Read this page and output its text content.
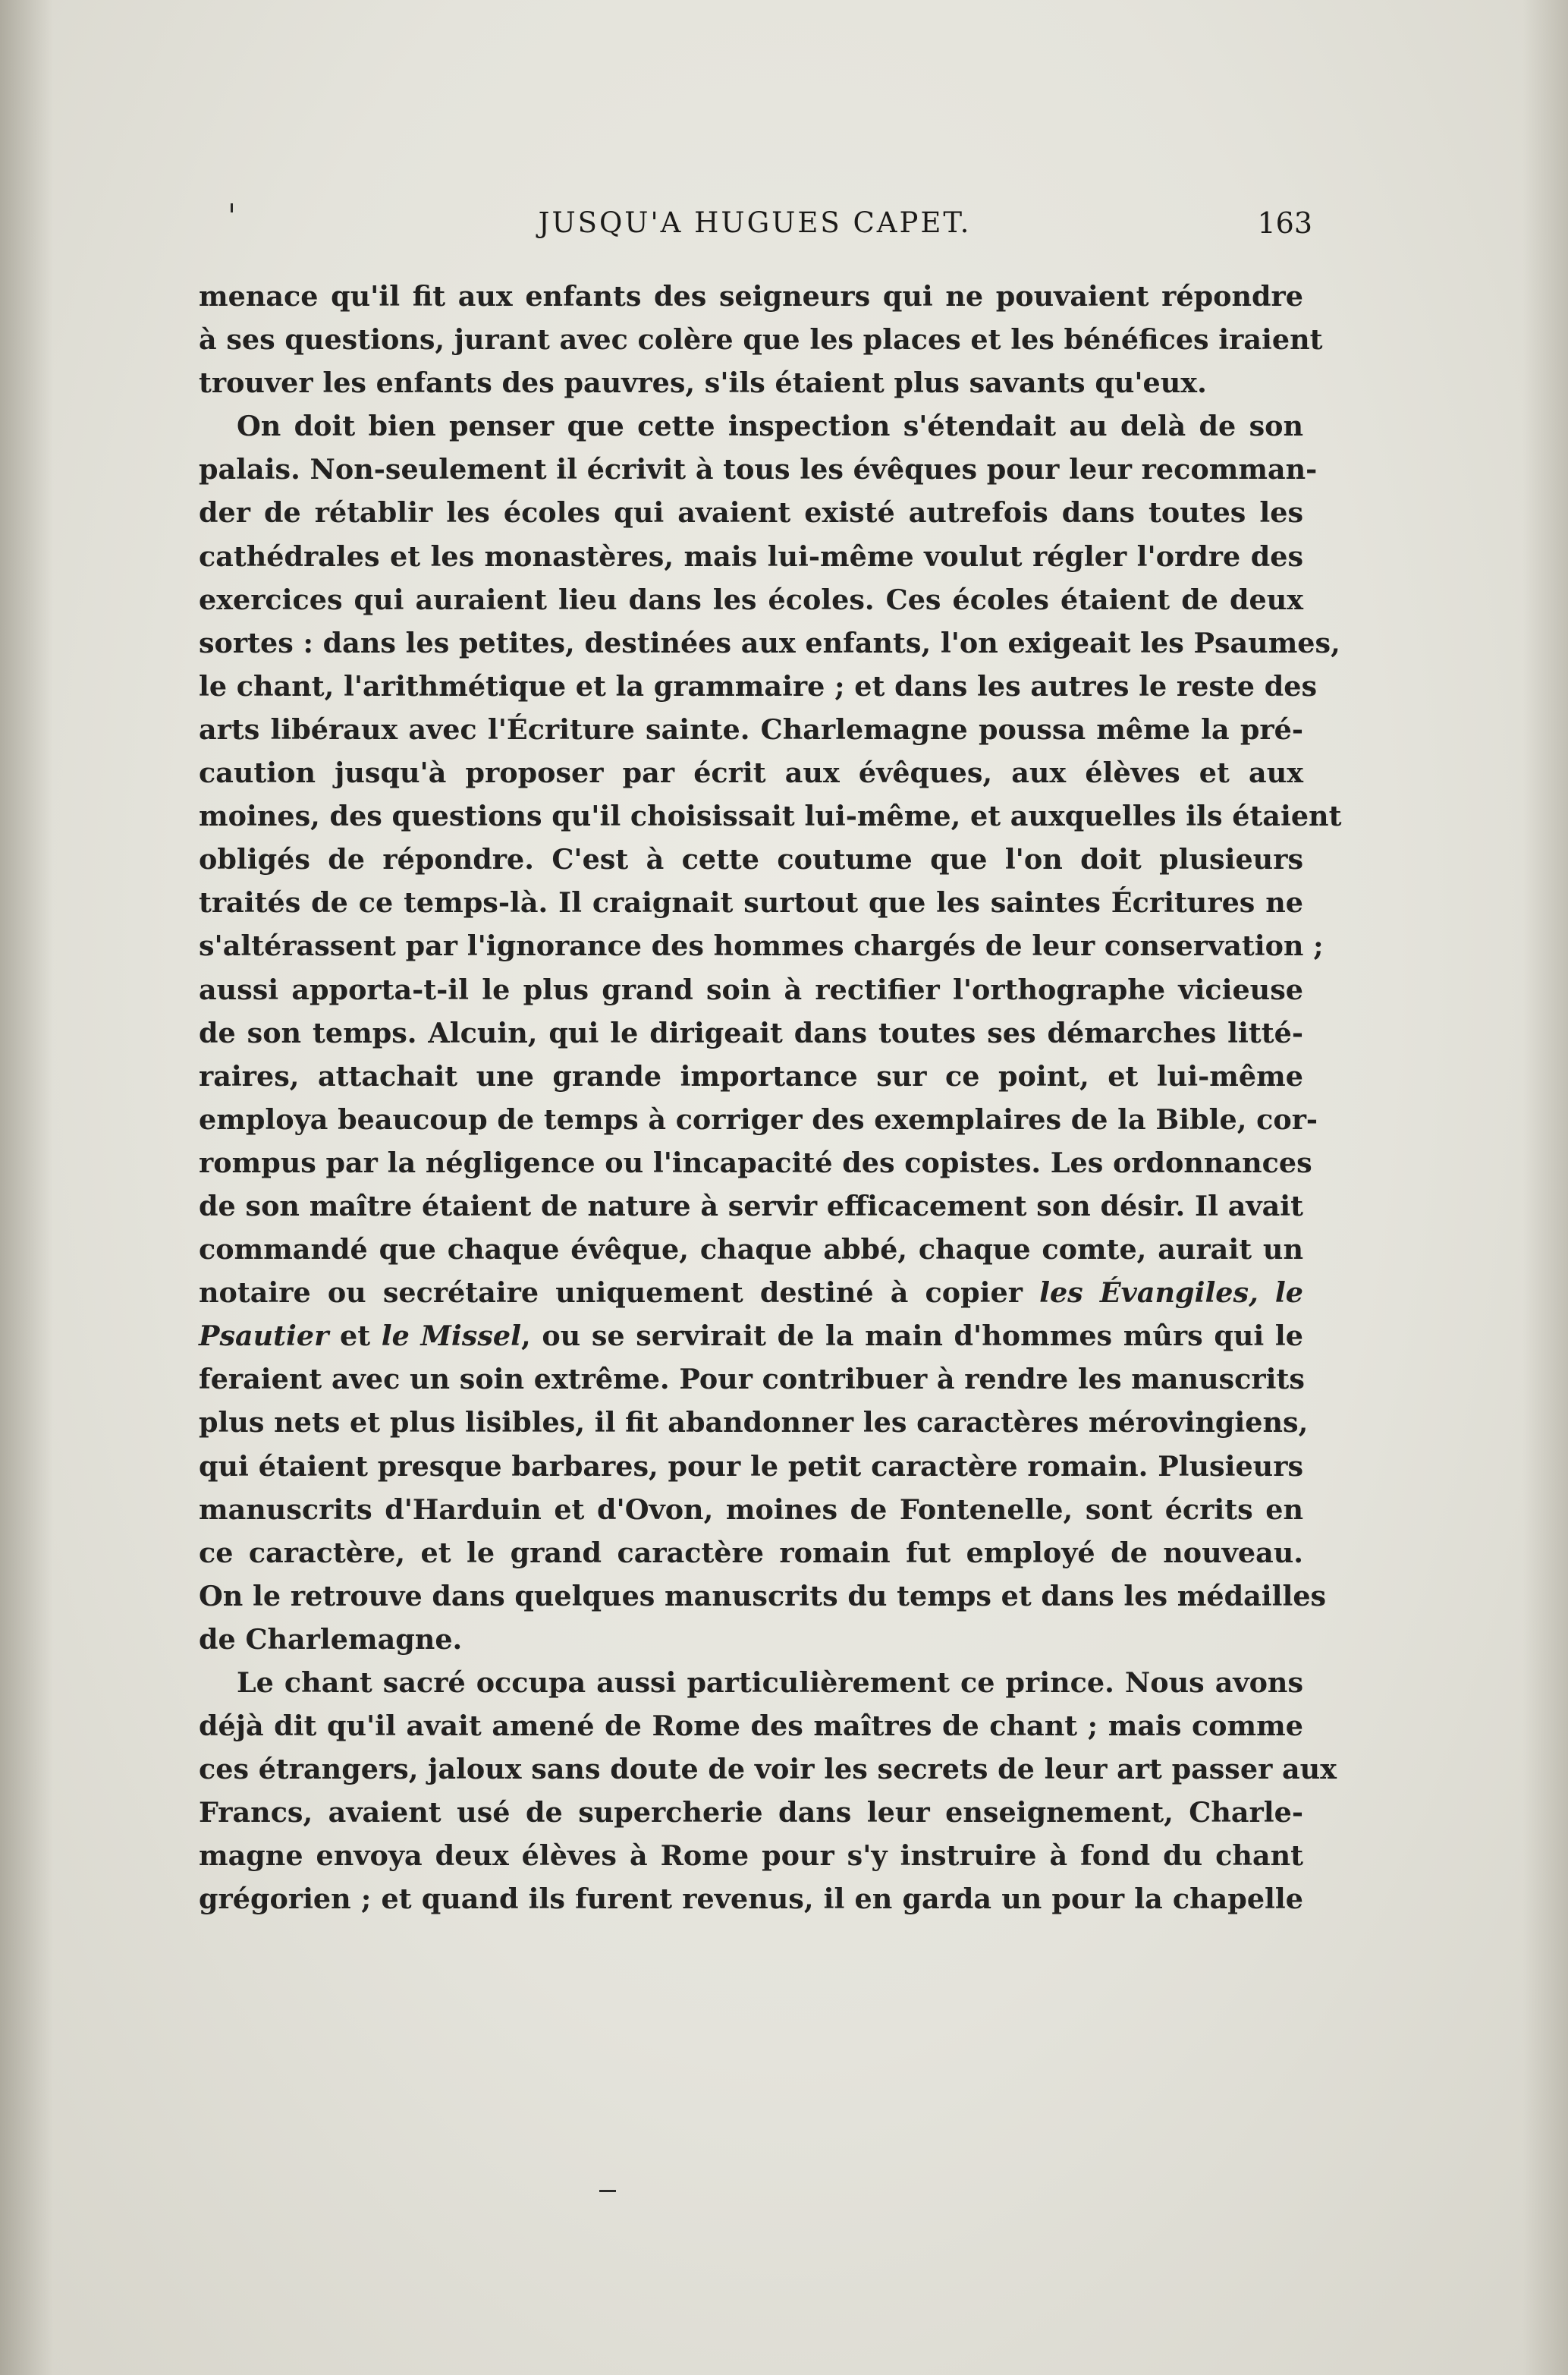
JUSQU'A HUGUES CAPET.	163
menace qu'il fit aux enfants des seigneurs qui ne pouvaient répondre
à ses questions, jurant avec colère que les places et les bénéfices iraient
trouver les enfants des pauvres, s'ils étaient plus savants qu'eux.
On doit bien penser que cette inspection s'étendait au delà de son
palais. Non-seulement il écrivit à tous les évêques pour leur recomman-
der de rétablir les écoles qui avaient existé autrefois dans toutes les
cathédrales et les monastères, mais lui-même voulut régler l'ordre des
exercices qui auraient lieu dans les écoles. Ces écoles étaient de deux
sortes : dans les petites, destinées aux enfants, l'on exigeait les Psaumes,
le chant, l'arithmétique et la grammaire ; et dans les autres le reste des
arts libéraux avec l'Écriture sainte. Charlemagne poussa même la pré-
caution jusqu'à proposer par écrit aux évêques, aux élèves et aux
moines, des questions qu'il choisissait lui-même, et auxquelles ils étaient
obligés de répondre. C'est à cette coutume que l'on doit plusieurs
traités de ce temps-là. Il craignait surtout que les saintes Écritures ne
s'altérassent par l'ignorance des hommes chargés de leur conservation ;
aussi apporta-t-il le plus grand soin à rectifier l'orthographe vicieuse
de son temps. Alcuin, qui le dirigeait dans toutes ses démarches litté-
raires, attachait une grande importance sur ce point, et lui-même
employa beaucoup de temps à corriger des exemplaires de la Bible, cor-
rompus par la négligence ou l'incapacité des copistes. Les ordonnances
de son maître étaient de nature à servir efficacement son désir. Il avait
commandé que chaque évêque, chaque abbé, chaque comte, aurait un
notaire ou secrétaire uniquement destiné à copier les Évangiles, le
Psautier et le Missel, ou se servirait de la main d'hommes mûrs qui le
feraient avec un soin extrême. Pour contribuer à rendre les manuscrits
plus nets et plus lisibles, il fit abandonner les caractères mérovingiens,
qui étaient presque barbares, pour le petit caractère romain. Plusieurs
manuscrits d'Harduin et d'Ovon, moines de Fontenelle, sont écrits en
ce caractère, et le grand caractère romain fut employé de nouveau.
On le retrouve dans quelques manuscrits du temps et dans les médailles
de Charlemagne.
Le chant sacré occupa aussi particulièrement ce prince. Nous avons
déjà dit qu'il avait amené de Rome des maîtres de chant ; mais comme
ces étrangers, jaloux sans doute de voir les secrets de leur art passer aux
Francs, avaient usé de supercherie dans leur enseignement, Charle-
magne envoya deux élèves à Rome pour s'y instruire à fond du chant
grégorien ; et quand ils furent revenus, il en garda un pour la chapelle
